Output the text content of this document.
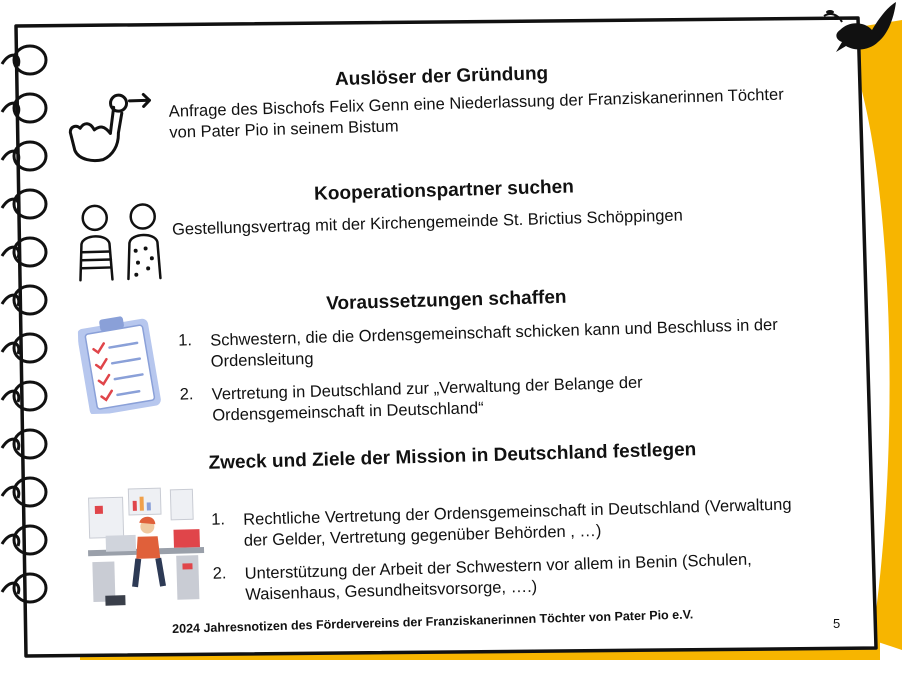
Auslöser der Gründung
Anfrage des Bischofs Felix Genn eine Niederlassung der Franziskanerinnen Töchter von Pater Pio in seinem Bistum
Kooperationspartner suchen
Gestellungsvertrag mit der Kirchengemeinde St. Brictius Schöppingen
Voraussetzungen schaffen
1. Schwestern, die die Ordensgemeinschaft schicken kann und Beschluss in der Ordensleitung
2. Vertretung in Deutschland zur „Verwaltung der Belange der Ordensgemeinschaft in Deutschland“
Zweck und Ziele der Mission in Deutschland festlegen
1. Rechtliche Vertretung der Ordensgemeinschaft in Deutschland (Verwaltung der Gelder, Vertretung gegenüber Behörden , …)
2. Unterstützung der Arbeit der Schwestern vor allem in Benin (Schulen, Waisenhaus, Gesundheitsvorsorge, ….)
2024 Jahresnotizen des Fördervereins der Franziskanerinnen Töchter von Pater Pio e.V.	5
